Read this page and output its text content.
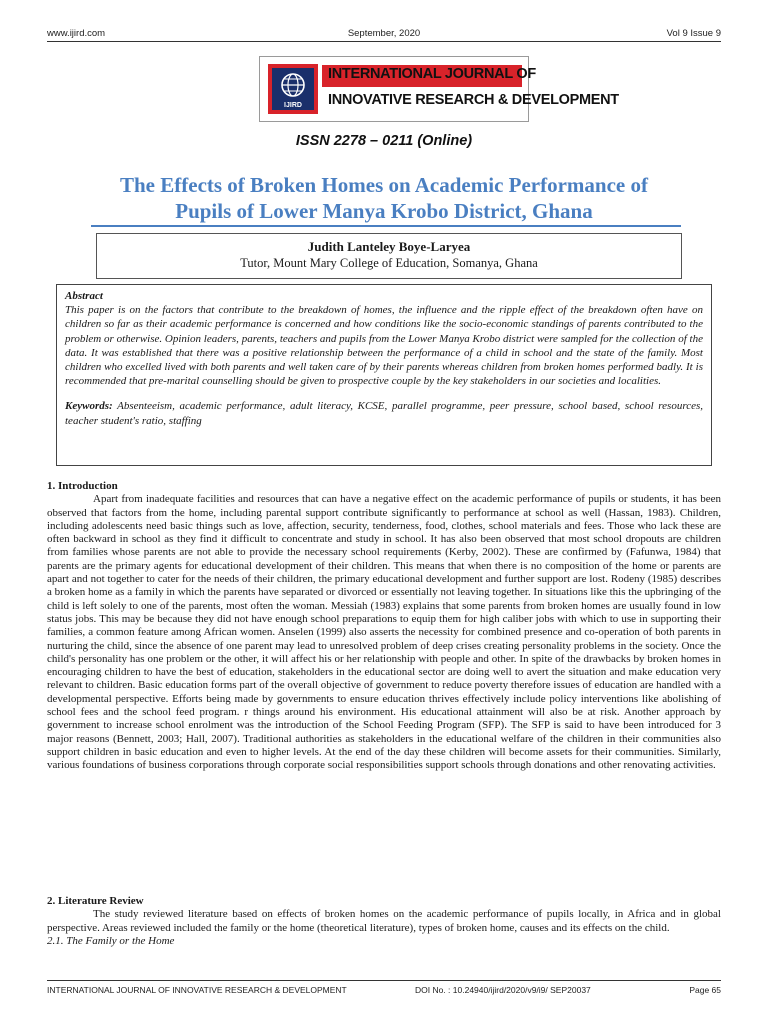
www.ijird.com	September, 2020	Vol 9 Issue 9
IJIRD
INTERNATIONAL JOURNAL OF
INNOVATIVE RESEARCH & DEVELOPMENT
ISSN 2278 – 0211 (Online)
The Effects of Broken Homes on Academic Performance of
Pupils of Lower Manya Krobo District, Ghana
Judith Lanteley Boye-Laryea
Tutor, Mount Mary College of Education, Somanya, Ghana
Abstract
This paper is on the factors that contribute to the breakdown of homes, the influence and the ripple effect of the breakdown often have on children so far as their academic performance is concerned and how conditions like the socio-economic standings of parents contributed to the problem or otherwise. Opinion leaders, parents, teachers and pupils from the Lower Manya Krobo district were sampled for the collection of the data. It was established that there was a positive relationship between the performance of a child in school and the state of the family. Most children who excelled lived with both parents and well taken care of by their parents whereas children from broken homes performed badly. It is recommended that pre-marital counselling should be given to prospective couple by the key stakeholders in our societies and localities.
Keywords: Absenteeism, academic performance, adult literacy, KCSE, parallel programme, peer pressure, school based, school resources, teacher student's ratio, staffing
1. Introduction
Apart from inadequate facilities and resources that can have a negative effect on the academic performance of pupils or students, it has been observed that factors from the home, including parental support contribute significantly to performance at school as well (Hassan, 1983). Children, including adolescents need basic things such as love, affection, security, tenderness, food, clothes, school materials and fees. Those who lack these are often backward in school as they find it difficult to concentrate and study in school. It has also been observed that most school dropouts are children from families whose parents are not able to provide the necessary school requirements (Kerby, 2002). These are confirmed by (Fafunwa, 1984) that parents are the primary agents for educational development of their children. This means that when there is no composition of the home or parents are apart and not together to cater for the needs of their children, the primary educational development and further support are lost. Rodeny (1985) describes a broken home as a family in which the parents have separated or divorced or essentially not leaving together. In situations like this the upbringing of the child is left solely to one of the parents, most often the woman. Messiah (1983) explains that some parents from broken homes are usually found in low status jobs. This may be because they did not have enough school preparations to equip them for high caliber jobs with which to use in supporting their families, a common feature among African women. Anselen (1999) also asserts the necessity for combined presence and co-operation of both parents in nurturing the child, since the absence of one parent may lead to unresolved problem of deep crises creating personality problems in the society. Once the child's personality has one problem or the other, it will affect his or her relationship with people and other. In spite of the drawbacks by broken homes in encouraging children to have the best of education, stakeholders in the educational sector are doing well to avert the situation and make education very relevant to children. Basic education forms part of the overall objective of government to reduce poverty therefore issues of education are handled with a developmental perspective. Efforts being made by governments to ensure education thrives effectively include policy interventions like abolishing of school fees and the school feed program. r things around his environment. His educational attainment will also be at risk. Another approach by government to increase school enrolment was the introduction of the School Feeding Program (SFP). The SFP is said to have been introduced for 3 major reasons (Bennett, 2003; Hall, 2007). Traditional authorities as stakeholders in the educational welfare of the children in their communities also support children in basic education and even to higher levels. At the end of the day these children will become assets for their communities. Similarly, various foundations of business corporations through corporate social responsibilities support schools through donations and other renovating activities.
2. Literature Review
The study reviewed literature based on effects of broken homes on the academic performance of pupils locally, in Africa and in global perspective. Areas reviewed included the family or the home (theoretical literature), types of broken home, causes and its effects on the child.
2.1. The Family or the Home
INTERNATIONAL JOURNAL OF INNOVATIVE RESEARCH & DEVELOPMENT	DOI No. : 10.24940/ijird/2020/v9/i9/ SEP20037	Page 65
